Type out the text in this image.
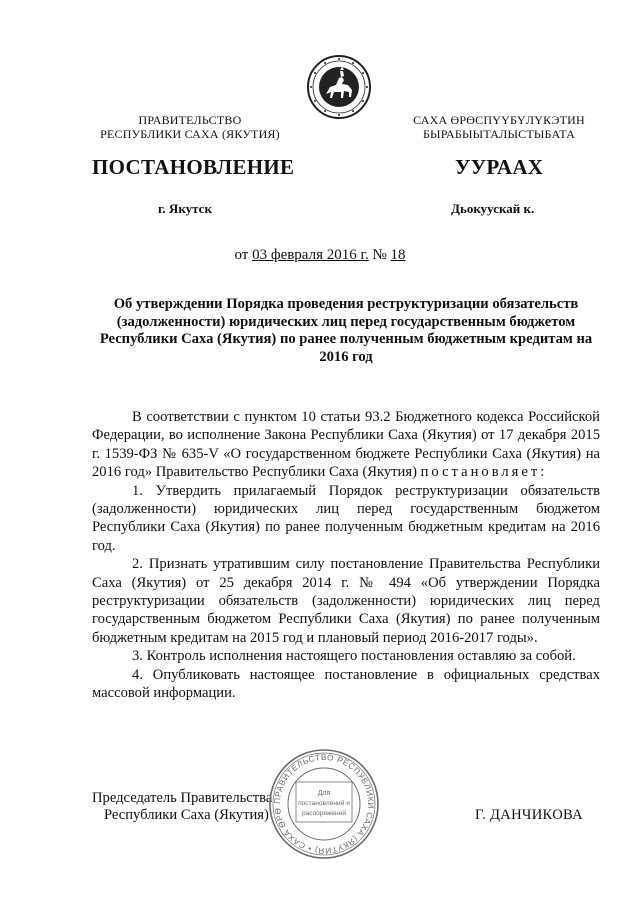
ПРАВИТЕЛЬСТВО
РЕСПУБЛИКИ САХА (ЯКУТИЯ)
САХА ӨРӨСПҮҮБҮЛҮКЭТИН
БЫРАБЫЫТАЛЫСТЫБАТА
ПОСТАНОВЛЕНИЕ	УУРААХ
г. Якутск	Дьокуускай к.
от 03 февраля 2016 г. № 18
Об утверждении Порядка проведения реструктуризации обязательств (задолженности) юридических лиц перед государственным бюджетом Республики Саха (Якутия) по ранее полученным бюджетным кредитам на 2016 год

В соответствии с пунктом 10 статьи 93.2 Бюджетного кодекса Российской Федерации, во исполнение Закона Республики Саха (Якутия) от 17 декабря 2015 г. 1539-ФЗ № 635-V «О государственном бюджете Республики Саха (Якутия) на 2016 год» Правительство Республики Саха (Якутия) постановляет:

1. Утвердить прилагаемый Порядок реструктуризации обязательств (задолженности) юридических лиц перед государственным бюджетом Республики Саха (Якутия) по ранее полученным бюджетным кредитам на 2016 год.

2. Признать утратившим силу постановление Правительства Республики Саха (Якутия) от 25 декабря 2014 г. № 494 «Об утверждении Порядка реструктуризации обязательств (задолженности) юридических лиц перед государственным бюджетом Республики Саха (Якутия) по ранее полученным бюджетным кредитам на 2015 год и плановый период 2016-2017 годы».

3. Контроль исполнения настоящего постановления оставляю за собой.

4. Опубликовать настоящее постановление в официальных средствах массовой информации.

Председатель Правительства
Республики Саха (Якутия)	Г. ДАНЧИКОВА
ПРАВИТЕЛЬСТВО РЕСПУБЛИКИ САХА (ЯКУТИЯ) • САХА ӨРӨ
Для
постановлений и
распоряжений
